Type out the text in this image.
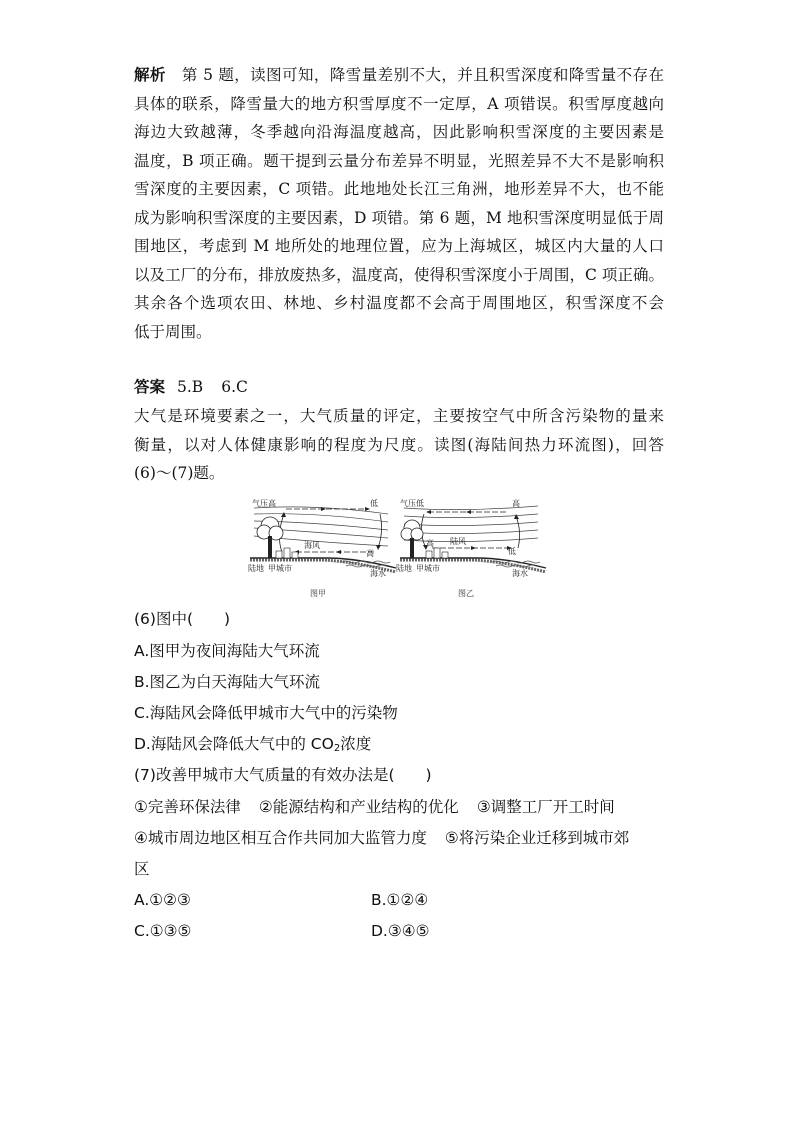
解析　 第 5 题，读图可知，降雪量差别不大，并且积雪深度和降雪量不存在
具体的联系，降雪量大的地方积雪厚度不一定厚，A 项错误。积雪厚度越向
海边大致越薄，冬季越向沿海温度越高，因此影响积雪深度的主要因素是
温度，B 项正确。题干提到云量分布差异不明显，光照差异不大不是影响积
雪深度的主要因素，C 项错。此地地处长江三角洲，地形差异不大，也不能
成为影响积雪深度的主要因素，D 项错。第 6 题，M 地积雪深度明显低于周
围地区，考虑到 M 地所处的地理位置，应为上海城区，城区内大量的人口
以及工厂的分布，排放废热多，温度高，使得积雪深度小于周围，C 项正确。
其余各个选项农田、林地、乡村温度都不会高于周围地区，积雪深度不会
低于周围。
答案 5.B 6.C
大气是环境要素之一，大气质量的评定，主要按空气中所含污染物的量来
衡量，以对人体健康影响的程度为尺度。读图(海陆间热力环流图)，回答
(6)～(7)题。
气压高	低
高
海风
陆地 甲城市
海水
图甲
气压低	高
陆风
高
低
陆地 甲城市
海水
图乙
(6)图中(　　)
A.图甲为夜间海陆大气环流
B.图乙为白天海陆大气环流
C.海陆风会降低甲城市大气中的污染物
D.海陆风会降低大气中的 $CO_2$浓度
(7)改善甲城市大气质量的有效办法是(　　)
①完善环保法律 ②能源结构和产业结构的优化 ③调整工厂开工时间
④城市周边地区相互合作共同加大监管力度 ⑤将污染企业迁移到城市郊
区
A.①②③	B.①②④
C.①③⑤	D.③④⑤
